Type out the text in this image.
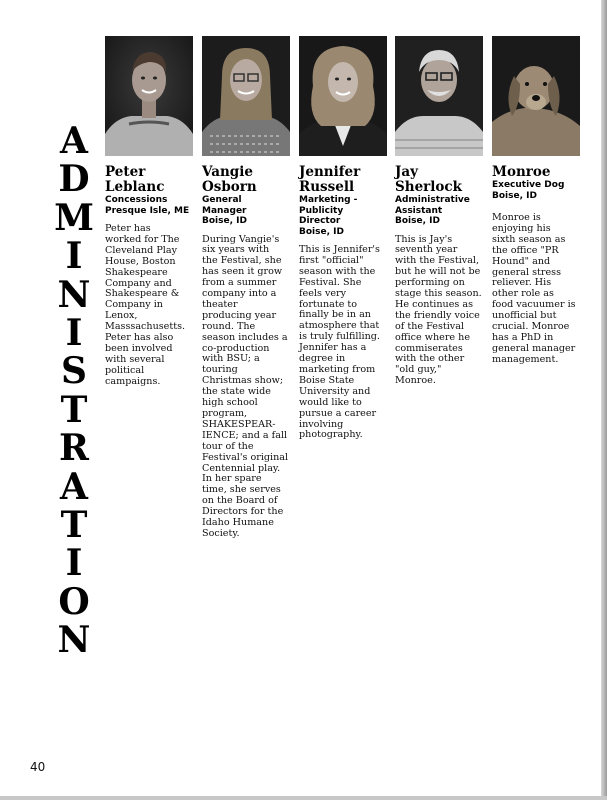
A
D
M
I
N
I
S
T
R
A
T
I
O
N
Peter
Leblanc
Concessions
Presque Isle, ME
Peter has
worked for The
Cleveland Play
House, Boston
Shakespeare
Company and
Shakespeare &
Company in
Lenox,
Masssachusetts.
Peter has also
been involved
with several
political
campaigns.
Vangie
Osborn
General
Manager
Boise, ID
During Vangie's
six years with
the Festival, she
has seen it grow
from a summer
company into a
theater
producing year
round. The
season includes a
co-production
with BSU; a
touring
Christmas show;
the state wide
high school
program,
SHAKESPEAR-
IENCE; and a fall
tour of the
Festival's original
Centennial play.
In her spare
time, she serves
on the Board of
Directors for the
Idaho Humane
Society.
Jennifer
Russell
Marketing -
Publicity
Director
Boise, ID
This is Jennifer's
first "official"
season with the
Festival. She
feels very
fortunate to
finally be in an
atmosphere that
is truly fulfilling.
Jennifer has a
degree in
marketing from
Boise State
University and
would like to
pursue a career
involving
photography.
Jay
Sherlock
Administrative
Assistant
Boise, ID
This is Jay's
seventh year
with the Festival,
but he will not be
performing on
stage this season.
He continues as
the friendly voice
of the Festival
office where he
commiserates
with the other
"old guy,"
Monroe.
Monroe
Executive Dog
Boise, ID
Monroe is
enjoying his
sixth season as
the office "PR
Hound" and
general stress
reliever. His
other role as
food vacuumer is
unofficial but
crucial. Monroe
has a PhD in
general manager
management.
40
